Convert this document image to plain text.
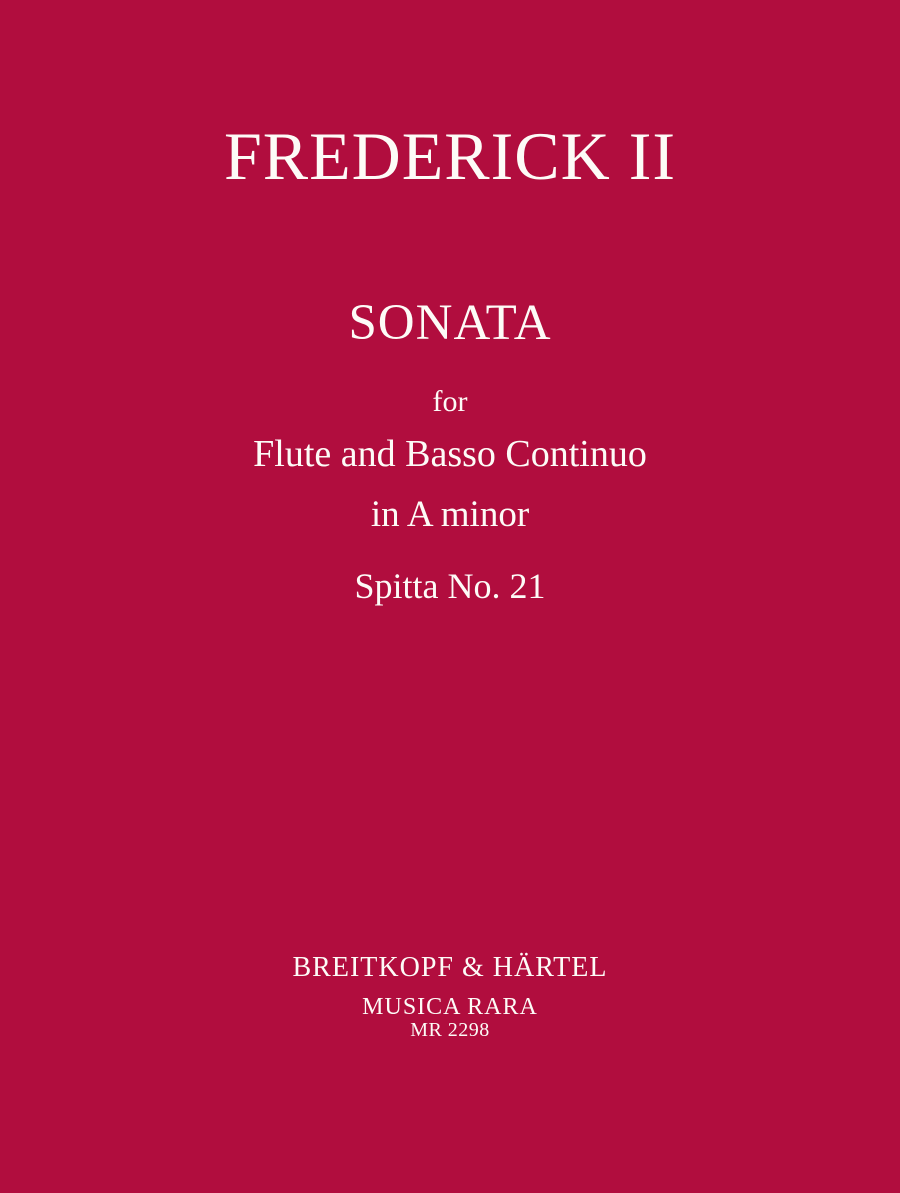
FREDERICK II
SONATA

for

Flute and Basso Continuo

in A minor

Spitta No. 21

BREITKOPF & HÄRTEL

MUSICA RARA

MR 2298
